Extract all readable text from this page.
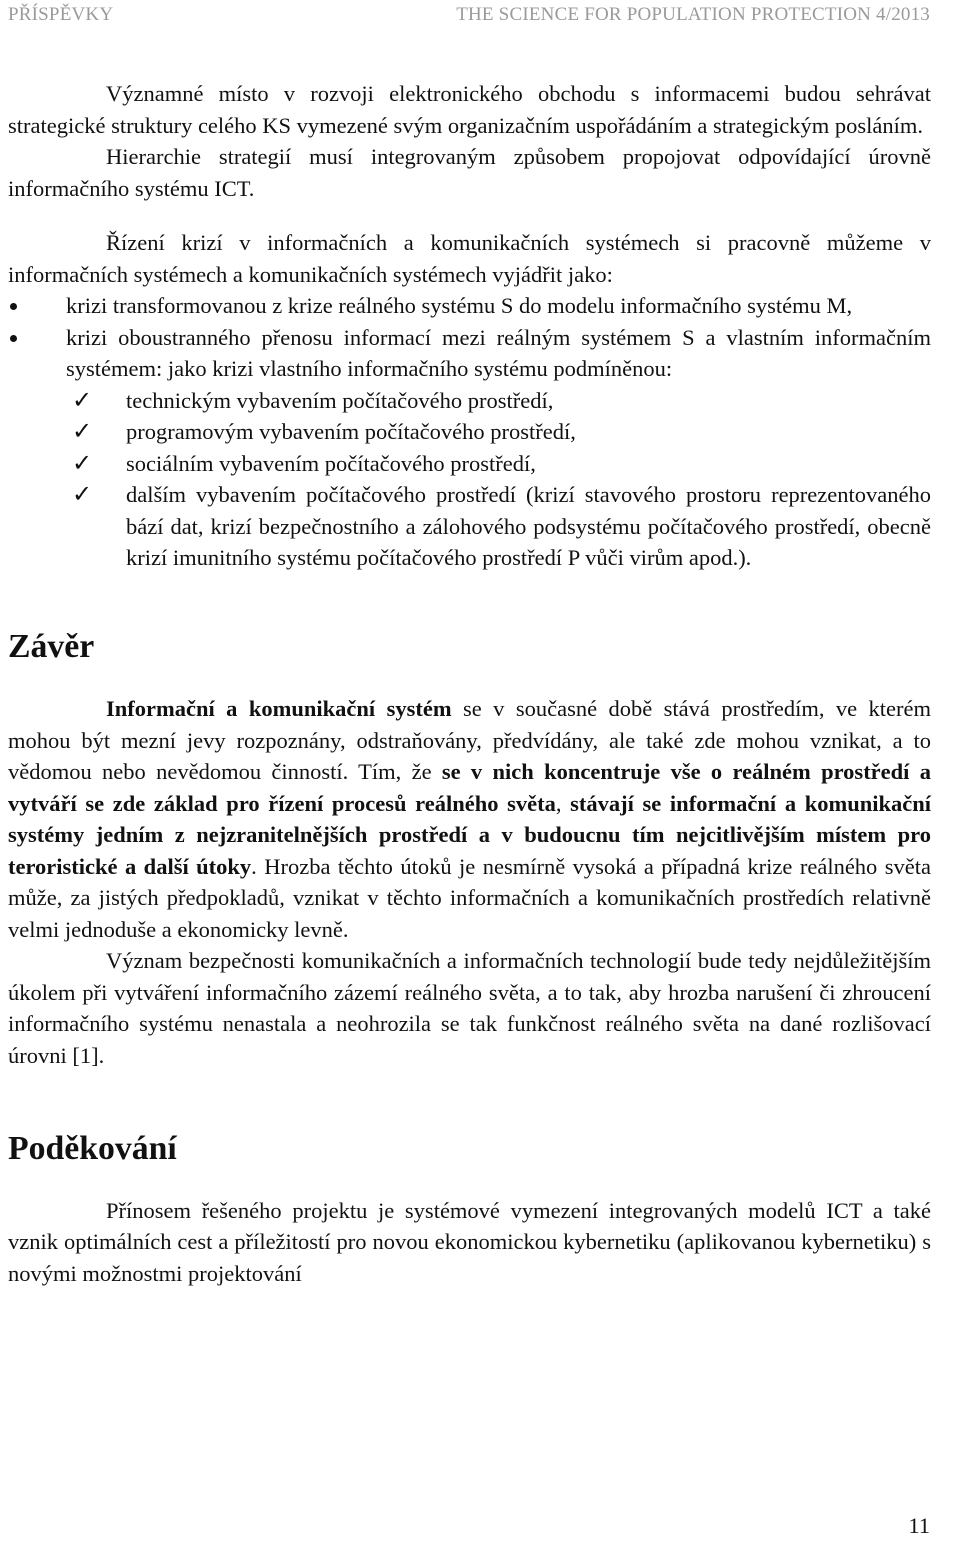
PŘÍSPĚVKY	THE SCIENCE FOR POPULATION PROTECTION 4/2013

Významné místo v rozvoji elektronického obchodu s informacemi budou sehrávat strategické struktury celého KS vymezené svým organizačním uspořádáním a strategickým posláním.

Hierarchie strategií musí integrovaným způsobem propojovat odpovídající úrovně informačního systému ICT.

Řízení krizí v informačních a komunikačních systémech si pracovně můžeme v informačních systémech a komunikačních systémech vyjádřit jako:

krizi transformovanou z krize reálného systému S do modelu informačního systému M,
krizi oboustranného přenosu informací mezi reálným systémem S a vlastním informačním systémem: jako krizi vlastního informačního systému podmíněnou:
✓ technickým vybavením počítačového prostředí,
✓ programovým vybavením počítačového prostředí,
✓ sociálním vybavením počítačového prostředí,
✓ dalším vybavením počítačového prostředí (krizí stavového prostoru reprezentovaného bází dat, krizí bezpečnostního a zálohového podsystému počítačového prostředí, obecně krizí imunitního systému počítačového prostředí P vůči virům apod.).
Závěr

Informační a komunikační systém se v současné době stává prostředím, ve kterém mohou být mezní jevy rozpoznány, odstraňovány, předvídány, ale také zde mohou vznikat, a to vědomou nebo nevědomou činností. Tím, že se v nich koncentruje vše o reálném prostředí a vytváří se zde základ pro řízení procesů reálného světa, stávají se informační a komunikační systémy jedním z nejzranitelnějších prostředí a v budoucnu tím nejcitlivějším místem pro teroristické a další útoky. Hrozba těchto útoků je nesmírně vysoká a případná krize reálného světa může, za jistých předpokladů, vznikat v těchto informačních a komunikačních prostředích relativně velmi jednoduše a ekonomicky levně.

Význam bezpečnosti komunikačních a informačních technologií bude tedy nejdůležitějším úkolem při vytváření informačního zázemí reálného světa, a to tak, aby hrozba narušení či zhroucení informačního systému nenastala a neohrozila se tak funkčnost reálného světa na dané rozlišovací úrovni [1].

Poděkování

Přínosem řešeného projektu je systémové vymezení integrovaných modelů ICT a také vznik optimálních cest a příležitostí pro novou ekonomickou kybernetiku (aplikovanou kybernetiku) s novými možnostmi projektování

11
